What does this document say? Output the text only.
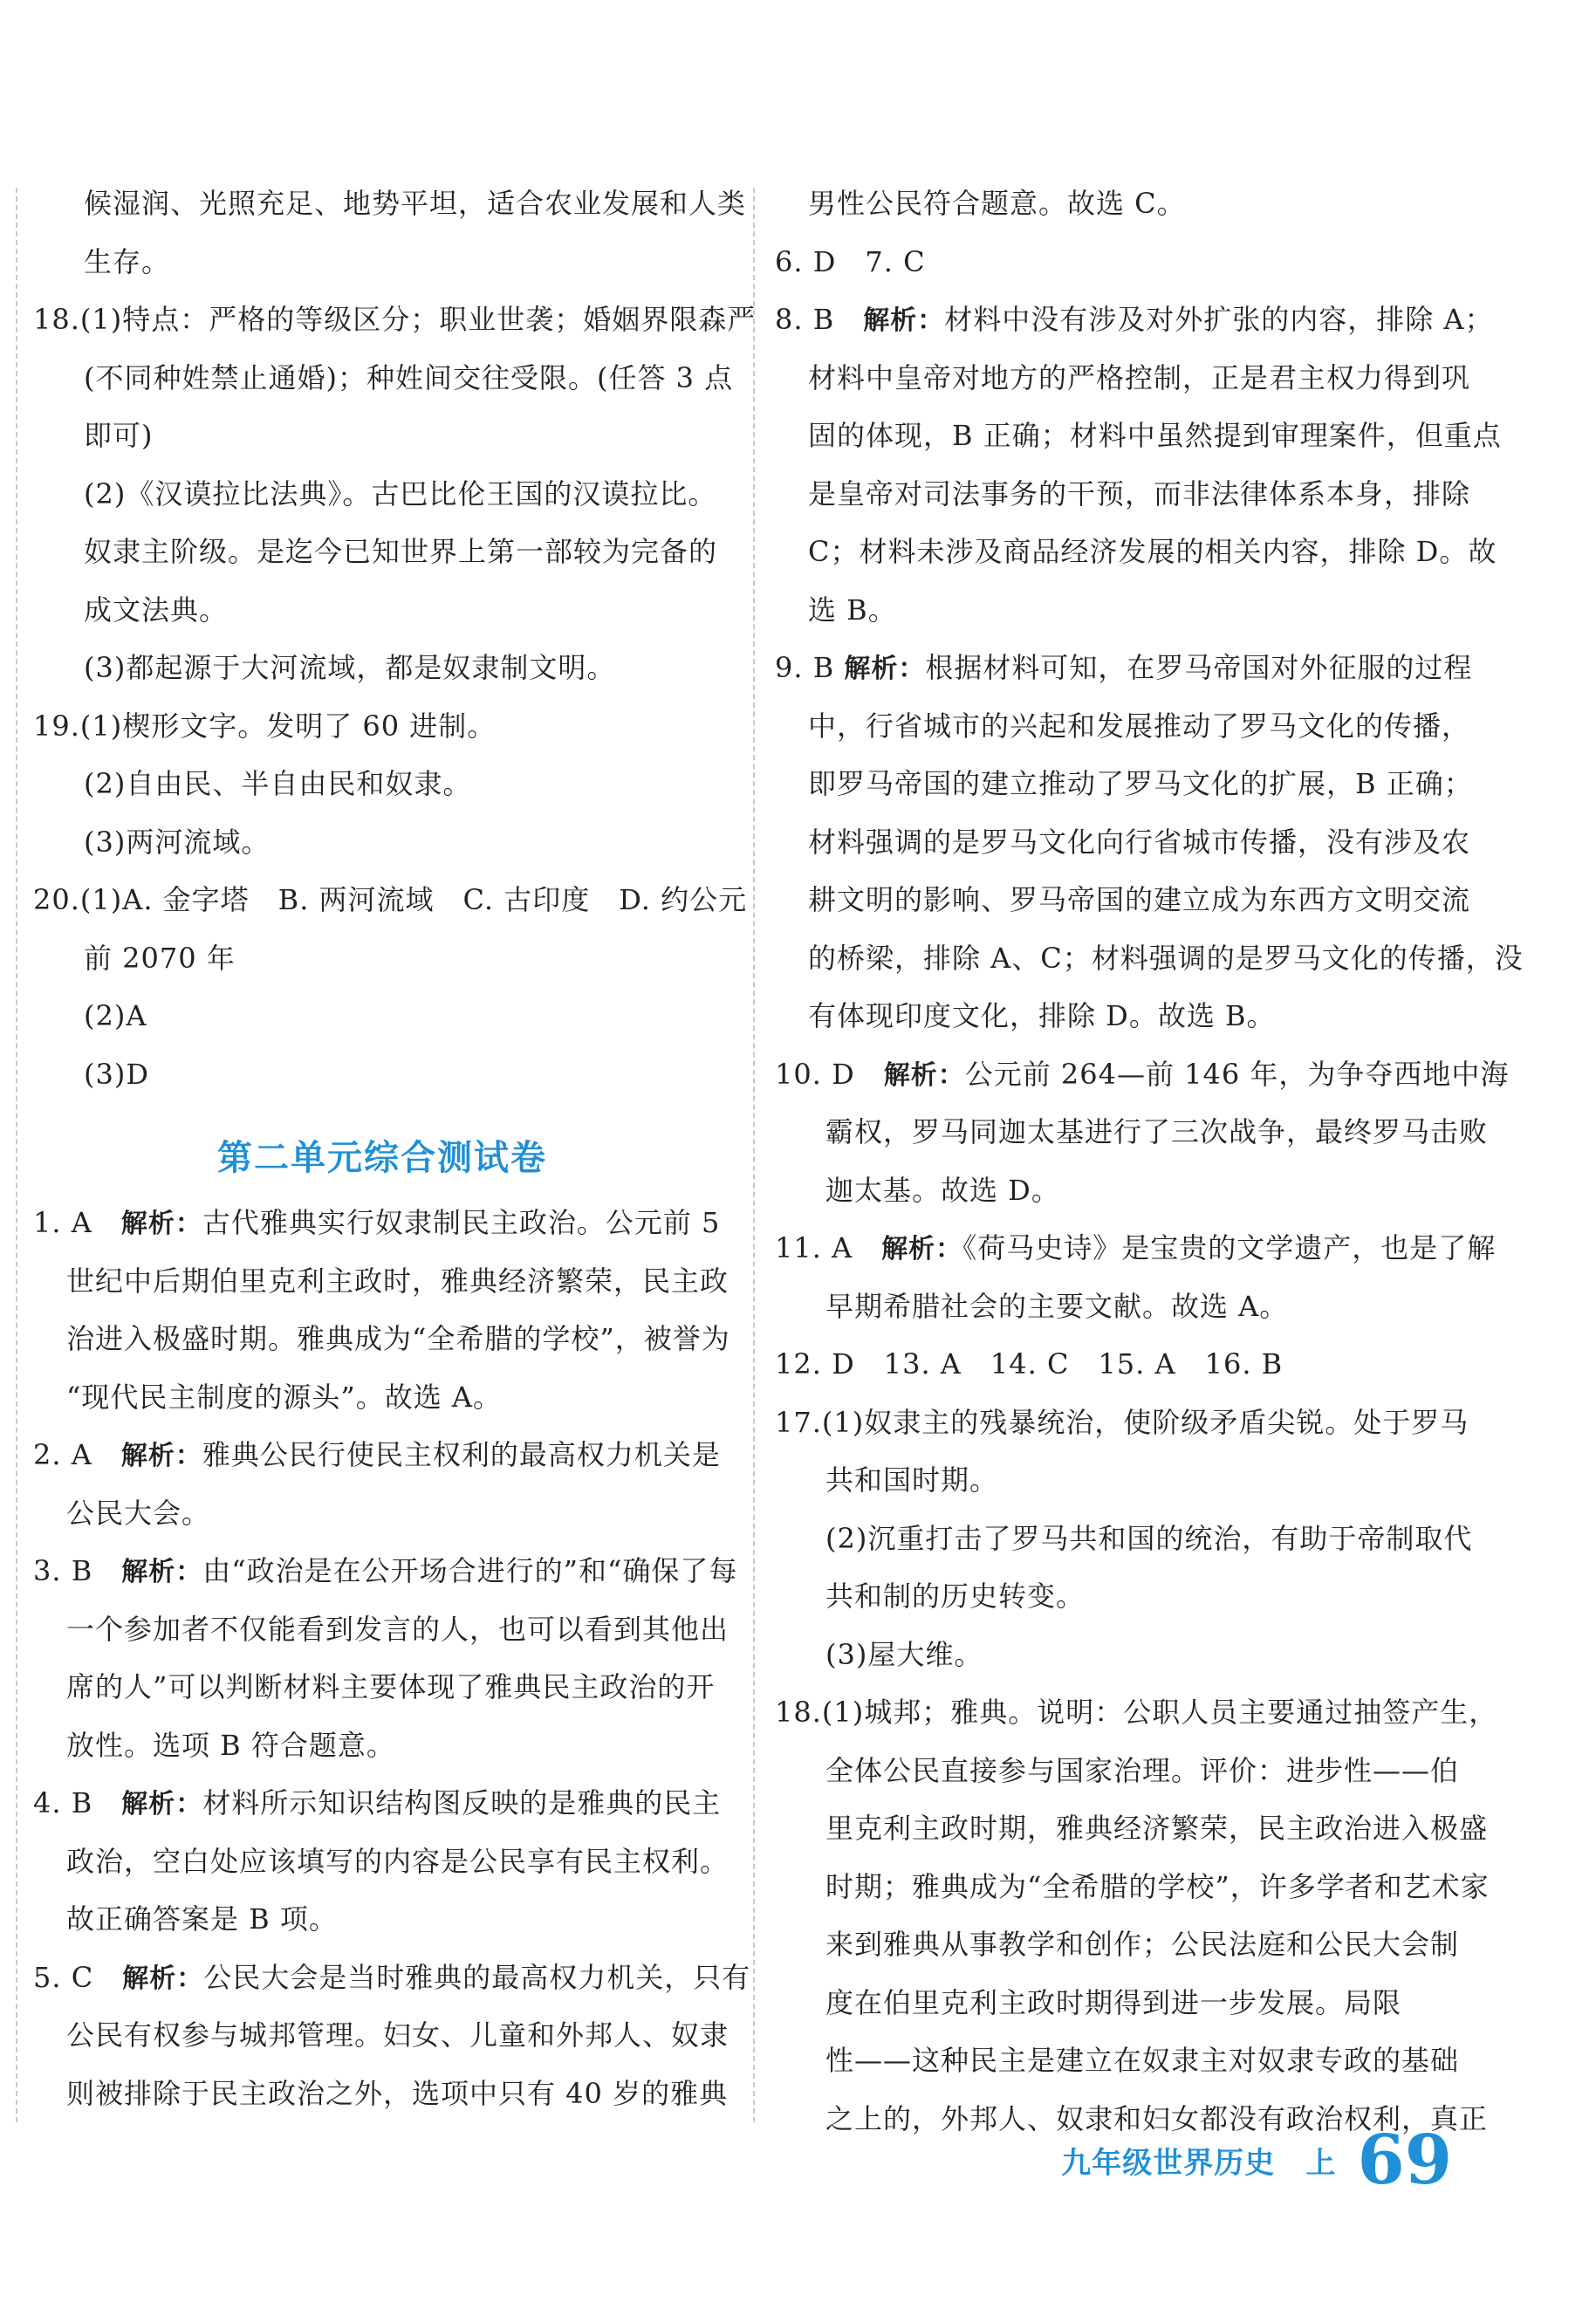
候湿润、光照充足、地势平坦，适合农业发展和人类
生存。
18.(1)特点：严格的等级区分；职业世袭；婚姻界限森严
(不同种姓禁止通婚)；种姓间交往受限。(任答 3 点
即可)
(2)《汉谟拉比法典》。古巴比伦王国的汉谟拉比。
奴隶主阶级。是迄今已知世界上第一部较为完备的
成文法典。
(3)都起源于大河流域，都是奴隶制文明。
19.(1)楔形文字。发明了 60 进制。
(2)自由民、半自由民和奴隶。
(3)两河流域。
20.(1)A. 金字塔　B. 两河流域　C. 古印度　D. 约公元
前 2070 年
(2)A
(3)D
第二单元综合测试卷
1. A　解析：古代雅典实行奴隶制民主政治。公元前 5
世纪中后期伯里克利主政时，雅典经济繁荣，民主政
治进入极盛时期。雅典成为“全希腊的学校”，被誉为
“现代民主制度的源头”。故选 A。
2. A　解析：雅典公民行使民主权利的最高权力机关是
公民大会。
3. B　解析：由“政治是在公开场合进行的”和“确保了每
一个参加者不仅能看到发言的人，也可以看到其他出
席的人”可以判断材料主要体现了雅典民主政治的开
放性。选项 B 符合题意。
4. B　解析：材料所示知识结构图反映的是雅典的民主
政治，空白处应该填写的内容是公民享有民主权利。
故正确答案是 B 项。
5. C　解析：公民大会是当时雅典的最高权力机关，只有
公民有权参与城邦管理。妇女、儿童和外邦人、奴隶
则被排除于民主政治之外，选项中只有 40 岁的雅典
男性公民符合题意。故选 C。
6. D　7. C
8. B　解析：材料中没有涉及对外扩张的内容，排除 A；
材料中皇帝对地方的严格控制，正是君主权力得到巩
固的体现，B 正确；材料中虽然提到审理案件，但重点
是皇帝对司法事务的干预，而非法律体系本身，排除
C；材料未涉及商品经济发展的相关内容，排除 D。故
选 B。
9. B 解析：根据材料可知，在罗马帝国对外征服的过程
中，行省城市的兴起和发展推动了罗马文化的传播，
即罗马帝国的建立推动了罗马文化的扩展，B 正确；
材料强调的是罗马文化向行省城市传播，没有涉及农
耕文明的影响、罗马帝国的建立成为东西方文明交流
的桥梁，排除 A、C；材料强调的是罗马文化的传播，没
有体现印度文化，排除 D。故选 B。
10. D　解析：公元前 264—前 146 年，为争夺西地中海
霸权，罗马同迦太基进行了三次战争，最终罗马击败
迦太基。故选 D。
11. A　解析：《荷马史诗》是宝贵的文学遗产，也是了解
早期希腊社会的主要文献。故选 A。
12. D　13. A　14. C　15. A　16. B
17.(1)奴隶主的残暴统治，使阶级矛盾尖锐。处于罗马
共和国时期。
(2)沉重打击了罗马共和国的统治，有助于帝制取代
共和制的历史转变。
(3)屋大维。
18.(1)城邦；雅典。说明：公职人员主要通过抽签产生，
全体公民直接参与国家治理。评价：进步性——伯
里克利主政时期，雅典经济繁荣，民主政治进入极盛
时期；雅典成为“全希腊的学校”，许多学者和艺术家
来到雅典从事教学和创作；公民法庭和公民大会制
度在伯里克利主政时期得到进一步发展。局限
性——这种民主是建立在奴隶主对奴隶专政的基础
之上的，外邦人、奴隶和妇女都没有政治权利，真正
九年级世界历史 上 69
